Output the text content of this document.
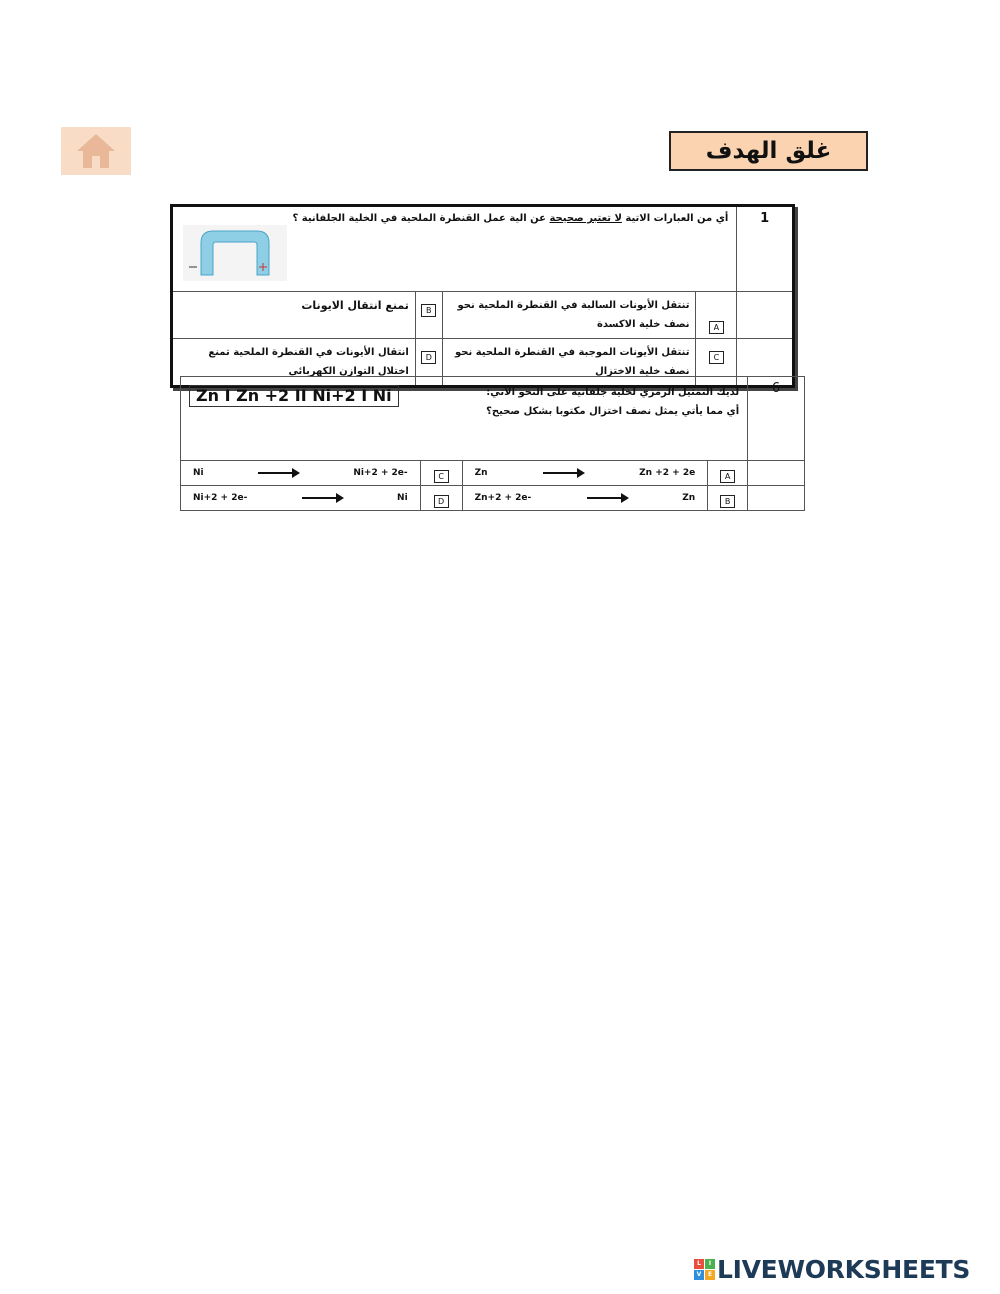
غلق الهدف
1	أي من العبارات الاتية لا تعتبر صحيحة عن الية عمل القنطرة الملحية في الخلية الجلفانية ؟			

	A	تنتقل الأيونات السالبة في القنطرة الملحية نحو نصف خلية الاكسدة	B	تمنع انتقال الايونات
	C	تنتقل الأيونات الموجبة في القنطرة الملحية نحو نصف خلية الاختزال	D	انتقال الأيونات في القنطرة الملحية تمنع اختلال التوازن الكهربائي
6	لديك التمثيل الرمزي لخلية جلفانية على النحو الآتي:
أي مما يأتي يمثل نصف اختزال مكتوبا بشكل صحيح؟
Zn I Zn +2 II Ni+2 I Ni			

	A	Zn Zn +2 + 2e	C	Ni Ni+2 + 2e-

	B	Zn+2 + 2e- Zn	D	Ni+2 + 2e- Ni
L	I
V	E LIVEWORKSHEETS
